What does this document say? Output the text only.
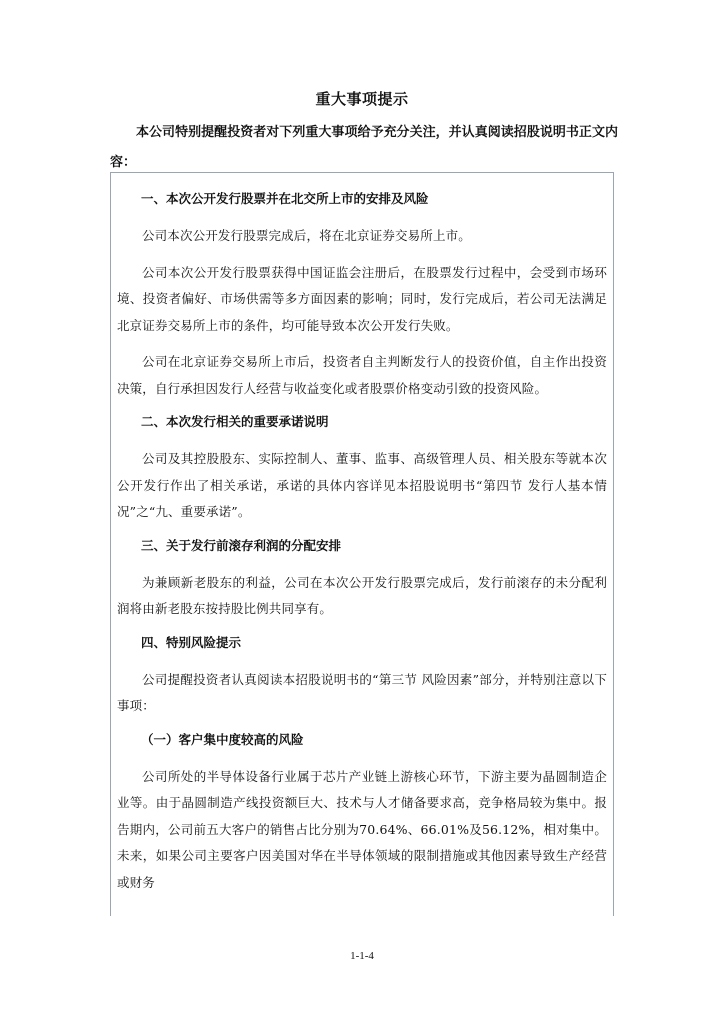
重大事项提示
本公司特别提醒投资者对下列重大事项给予充分关注，并认真阅读招股说明书正文内容：
一、本次公开发行股票并在北交所上市的安排及风险
公司本次公开发行股票完成后，将在北京证券交易所上市。
公司本次公开发行股票获得中国证监会注册后，在股票发行过程中，会受到市场环境、投资者偏好、市场供需等多方面因素的影响；同时，发行完成后，若公司无法满足北京证券交易所上市的条件，均可能导致本次公开发行失败。
公司在北京证券交易所上市后，投资者自主判断发行人的投资价值，自主作出投资决策，自行承担因发行人经营与收益变化或者股票价格变动引致的投资风险。
二、本次发行相关的重要承诺说明
公司及其控股股东、实际控制人、董事、监事、高级管理人员、相关股东等就本次公开发行作出了相关承诺，承诺的具体内容详见本招股说明书“第四节 发行人基本情况”之“九、重要承诺”。
三、关于发行前滚存利润的分配安排
为兼顾新老股东的利益，公司在本次公开发行股票完成后，发行前滚存的未分配利润将由新老股东按持股比例共同享有。
四、特别风险提示
公司提醒投资者认真阅读本招股说明书的“第三节 风险因素”部分，并特别注意以下事项：
（一）客户集中度较高的风险
公司所处的半导体设备行业属于芯片产业链上游核心环节，下游主要为晶圆制造企业等。由于晶圆制造产线投资额巨大、技术与人才储备要求高，竞争格局较为集中。报告期内，公司前五大客户的销售占比分别为70.64%、66.01%及56.12%，相对集中。未来，如果公司主要客户因美国对华在半导体领域的限制措施或其他因素导致生产经营或财务
1-1-4
